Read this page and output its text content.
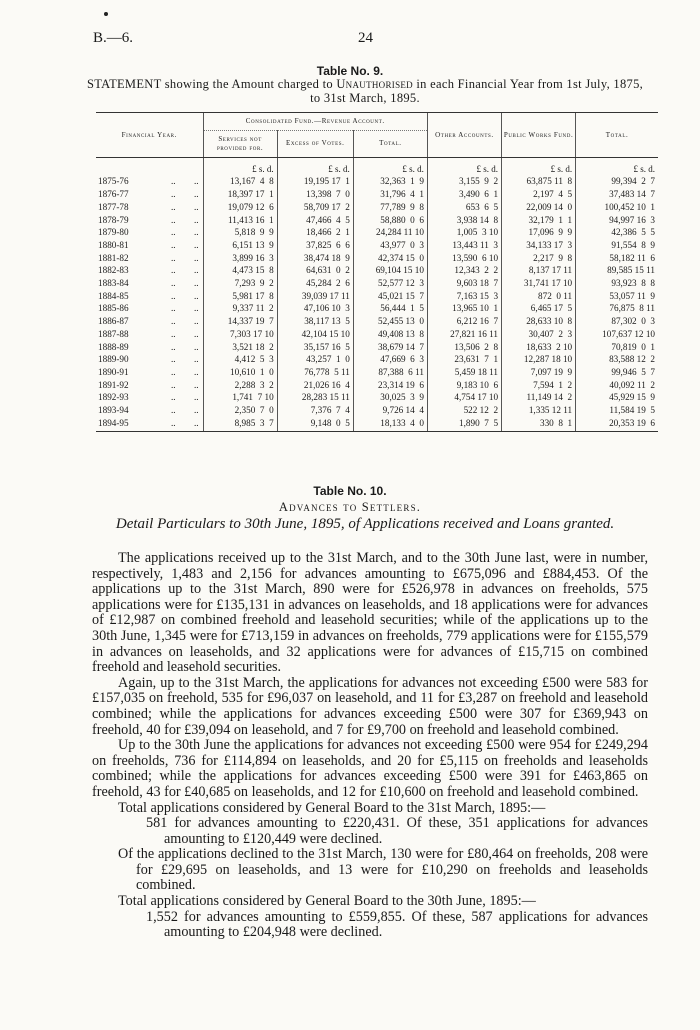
B.—6.	24
Table No. 9.
STATEMENT showing the Amount charged to Unauthorised in each Financial Year from 1st July, 1875, to 31st March, 1895.
Financial Year.	Consolidated Fund.—Revenue Account.			Other Accounts.	Public Works Fund.	Total.
	Services not provided for.	Excess of Votes.	Total.			
	£ s. d.	£ s. d.	£ s. d.	£ s. d.	£ s. d.	£ s. d.
1875-76 ..        ..	13,167  4  8	19,195 17  1	32,363  1  9	3,155  9  2	63,875 11  8	99,394  2  7
1876-77 ..        ..	18,397 17  1	13,398  7  0	31,796  4  1	3,490  6  1	2,197  4  5	37,483 14  7
1877-78 ..        ..	19,079 12  6	58,709 17  2	77,789  9  8	653  6  5	22,009 14  0	100,452 10  1
1878-79 ..        ..	11,413 16  1	47,466  4  5	58,880  0  6	3,938 14  8	32,179  1  1	94,997 16  3
1879-80 ..        ..	5,818  9  9	18,466  2  1	24,284 11 10	1,005  3 10	17,096  9  9	42,386  5  5
1880-81 ..        ..	6,151 13  9	37,825  6  6	43,977  0  3	13,443 11  3	34,133 17  3	91,554  8  9
1881-82 ..        ..	3,899 16  3	38,474 18  9	42,374 15  0	13,590  6 10	2,217  9  8	58,182 11  6
1882-83 ..        ..	4,473 15  8	64,631  0  2	69,104 15 10	12,343  2  2	8,137 17 11	89,585 15 11
1883-84 ..        ..	7,293  9  2	45,284  2  6	52,577 12  3	9,603 18  7	31,741 17 10	93,923  8  8
1884-85 ..        ..	5,981 17  8	39,039 17 11	45,021 15  7	7,163 15  3	872  0 11	53,057 11  9
1885-86 ..        ..	9,337 11  2	47,106 10  3	56,444  1  5	13,965 10  1	6,465 17  5	76,875  8 11
1886-87 ..        ..	14,337 19  7	38,117 13  5	52,455 13  0	6,212 16  7	28,633 10  8	87,302  0  3
1887-88 ..        ..	7,303 17 10	42,104 15 10	49,408 13  8	27,821 16 11	30,407  2  3	107,637 12 10
1888-89 ..        ..	3,521 18  2	35,157 16  5	38,679 14  7	13,506  2  8	18,633  2 10	70,819  0  1
1889-90 ..        ..	4,412  5  3	43,257  1  0	47,669  6  3	23,631  7  1	12,287 18 10	83,588 12  2
1890-91 ..        ..	10,610  1  0	76,778  5 11	87,388  6 11	5,459 18 11	7,097 19  9	99,946  5  7
1891-92 ..        ..	2,288  3  2	21,026 16  4	23,314 19  6	9,183 10  6	7,594  1  2	40,092 11  2
1892-93 ..        ..	1,741  7 10	28,283 15 11	30,025  3  9	4,754 17 10	11,149 14  2	45,929 15  9
1893-94 ..        ..	2,350  7  0	7,376  7  4	9,726 14  4	522 12  2	1,335 12 11	11,584 19  5
1894-95 ..        ..	8,985  3  7	9,148  0  5	18,133  4  0	1,890  7  5	330  8  1	20,353 19  6
Table No. 10.
Advances to Settlers.
Detail Particulars to 30th June, 1895, of Applications received and Loans granted.

The applications received up to the 31st March, and to the 30th June last, were in number, respectively, 1,483 and 2,156 for advances amounting to £675,096 and £884,453. Of the applications up to the 31st March, 890 were for £526,978 in advances on freeholds, 575 applications were for £135,131 in advances on leaseholds, and 18 applications were for advances of £12,987 on combined freehold and leasehold securities; while of the applications up to the 30th June, 1,345 were for £713,159 in advances on freeholds, 779 applications were for £155,579 in advances on leaseholds, and 32 applications were for advances of £15,715 on combined freehold and leasehold securities.

Again, up to the 31st March, the applications for advances not exceeding £500 were 583 for £157,035 on freehold, 535 for £96,037 on leasehold, and 11 for £3,287 on freehold and leasehold combined; while the applications for advances exceeding £500 were 307 for £369,943 on freehold, 40 for £39,094 on leasehold, and 7 for £9,700 on freehold and leasehold combined.

Up to the 30th June the applications for advances not exceeding £500 were 954 for £249,294 on freeholds, 736 for £114,894 on leaseholds, and 20 for £5,115 on freeholds and leaseholds combined; while the applications for advances exceeding £500 were 391 for £463,865 on freehold, 43 for £40,685 on leaseholds, and 12 for £10,600 on freehold and leasehold combined.

Total applications considered by General Board to the 31st March, 1895:—

581 for advances amounting to £220,431. Of these, 351 applications for advances amounting to £120,449 were declined.

Of the applications declined to the 31st March, 130 were for £80,464 on freeholds, 208 were for £29,695 on leaseholds, and 13 were for £10,290 on freeholds and leaseholds combined.

Total applications considered by General Board to the 30th June, 1895:—

1,552 for advances amounting to £559,855. Of these, 587 applications for advances amounting to £204,948 were declined.
